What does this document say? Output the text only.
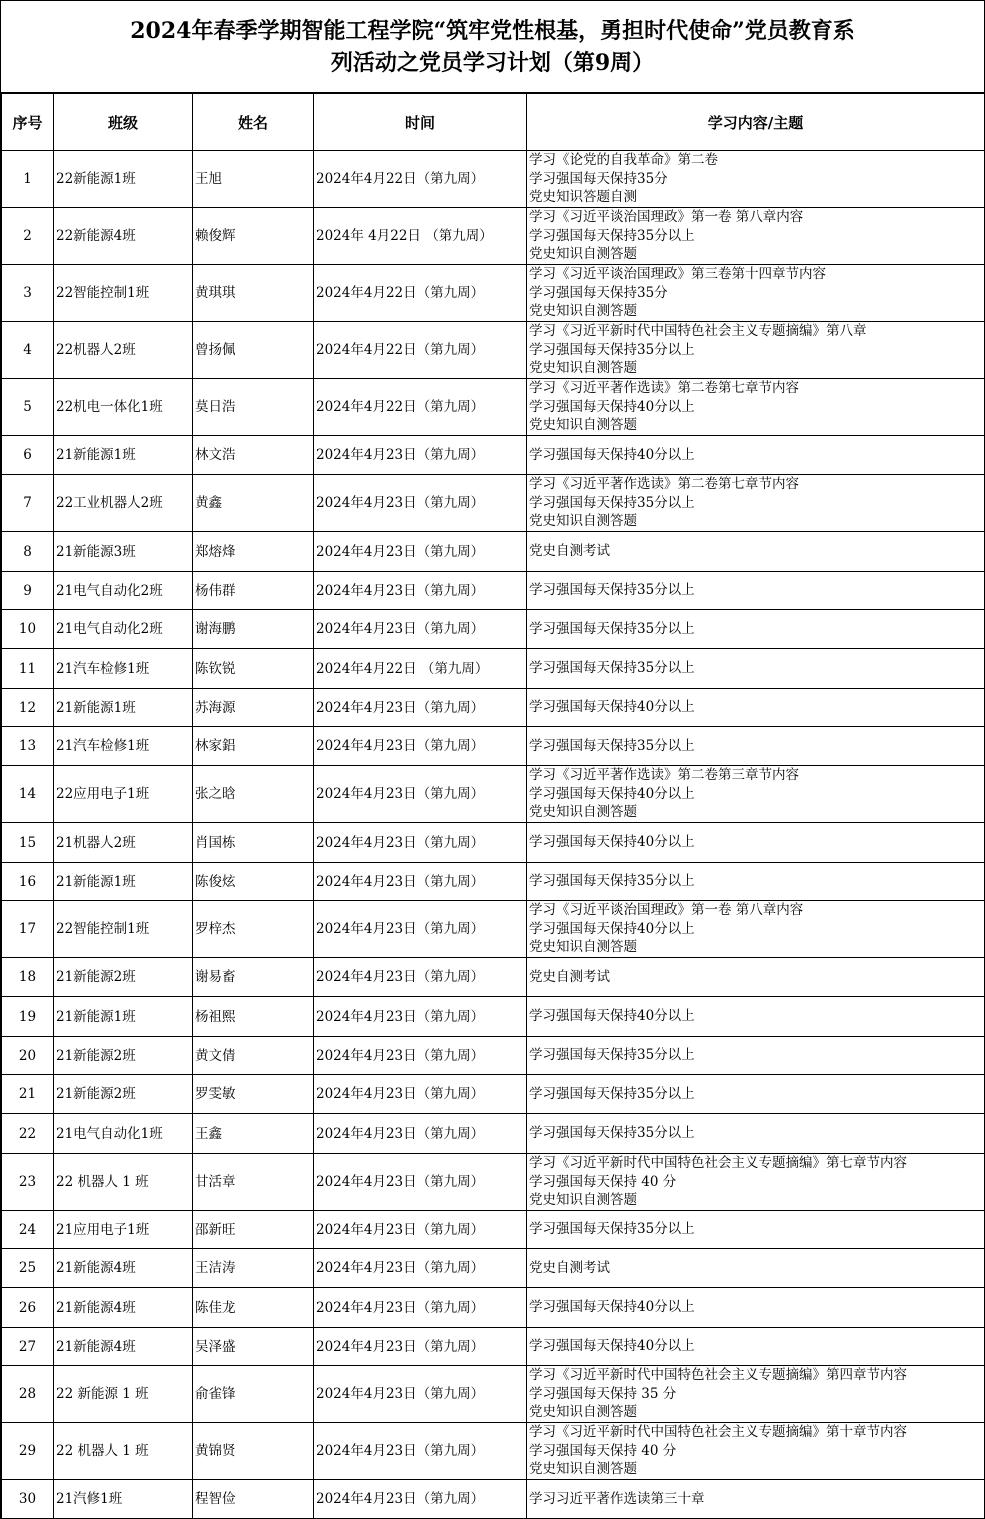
2024年春季学期智能工程学院“筑牢党性根基，勇担时代使命”党员教育系
列活动之党员学习计划（第9周）
序号	班级	姓名	时间	学习内容/主题
1	22新能源1班	王旭	2024年4月22日（第九周）	学习《论党的自我革命》第二卷
学习强国每天保持35分
党史知识答题自测

2	22新能源4班	赖俊辉	2024年 4月22日 （第九周）	学习《习近平谈治国理政》第一卷 第八章内容
学习强国每天保持35分以上
党史知识自测答题

3	22智能控制1班	黄琪琪	2024年4月22日（第九周）	学习《习近平谈治国理政》第三卷第十四章节内容
学习强国每天保持35分
党史知识自测答题

4	22机器人2班	曾扬佩	2024年4月22日（第九周）	学习《习近平新时代中国特色社会主义专题摘编》第八章
学习强国每天保持35分以上
党史知识自测答题

5	22机电一体化1班	莫日浩	2024年4月22日（第九周）	学习《习近平著作选读》第二卷第七章节内容
学习强国每天保持40分以上
党史知识自测答题

6	21新能源1班	林文浩	2024年4月23日（第九周）	学习强国每天保持40分以上

7	22工业机器人2班	黄鑫	2024年4月23日（第九周）	学习《习近平著作选读》第二卷第七章节内容
学习强国每天保持35分以上
党史知识自测答题

8	21新能源3班	郑熔烽	2024年4月23日（第九周）	党史自测考试

9	21电气自动化2班	杨伟群	2024年4月23日（第九周）	学习强国每天保持35分以上

10	21电气自动化2班	谢海鹏	2024年4月23日（第九周）	学习强国每天保持35分以上

11	21汽车检修1班	陈钦锐	2024年4月22日 （第九周）	学习强国每天保持35分以上

12	21新能源1班	苏海源	2024年4月23日（第九周）	学习强国每天保持40分以上

13	21汽车检修1班	林家鋁	2024年4月23日（第九周）	学习强国每天保持35分以上

14	22应用电子1班	张之晗	2024年4月23日（第九周）	学习《习近平著作选读》第二卷第三章节内容
学习强国每天保持40分以上
党史知识自测答题

15	21机器人2班	肖国栋	2024年4月23日（第九周）	学习强国每天保持40分以上

16	21新能源1班	陈俊炫	2024年4月23日（第九周）	学习强国每天保持35分以上

17	22智能控制1班	罗梓杰	2024年4月23日（第九周）	学习《习近平谈治国理政》第一卷 第八章内容
学习强国每天保持40分以上
党史知识自测答题

18	21新能源2班	谢易畜	2024年4月23日（第九周）	党史自测考试

19	21新能源1班	杨祖熙	2024年4月23日（第九周）	学习强国每天保持40分以上

20	21新能源2班	黄文倩	2024年4月23日（第九周）	学习强国每天保持35分以上

21	21新能源2班	罗雯敏	2024年4月23日（第九周）	学习强国每天保持35分以上

22	21电气自动化1班	王鑫	2024年4月23日（第九周）	学习强国每天保持35分以上

23	22 机器人 1 班	甘活章	2024年4月23日（第九周）	学习《习近平新时代中国特色社会主义专题摘编》第七章节内容
学习强国每天保持 40 分
党史知识自测答题

24	21应用电子1班	邵新旺	2024年4月23日（第九周）	学习强国每天保持35分以上

25	21新能源4班	王洁涛	2024年4月23日（第九周）	党史自测考试

26	21新能源4班	陈佳龙	2024年4月23日（第九周）	学习强国每天保持40分以上

27	21新能源4班	吴泽盛	2024年4月23日（第九周）	学习强国每天保持40分以上

28	22 新能源 1 班	俞雀锋	2024年4月23日（第九周）	学习《习近平新时代中国特色社会主义专题摘编》第四章节内容
学习强国每天保持 35 分
党史知识自测答题

29	22 机器人 1 班	黄锦贤	2024年4月23日（第九周）	学习《习近平新时代中国特色社会主义专题摘编》第十章节内容
学习强国每天保持 40 分
党史知识自测答题

30	21汽修1班	程智俭	2024年4月23日（第九周）	学习习近平著作选读第三十章
